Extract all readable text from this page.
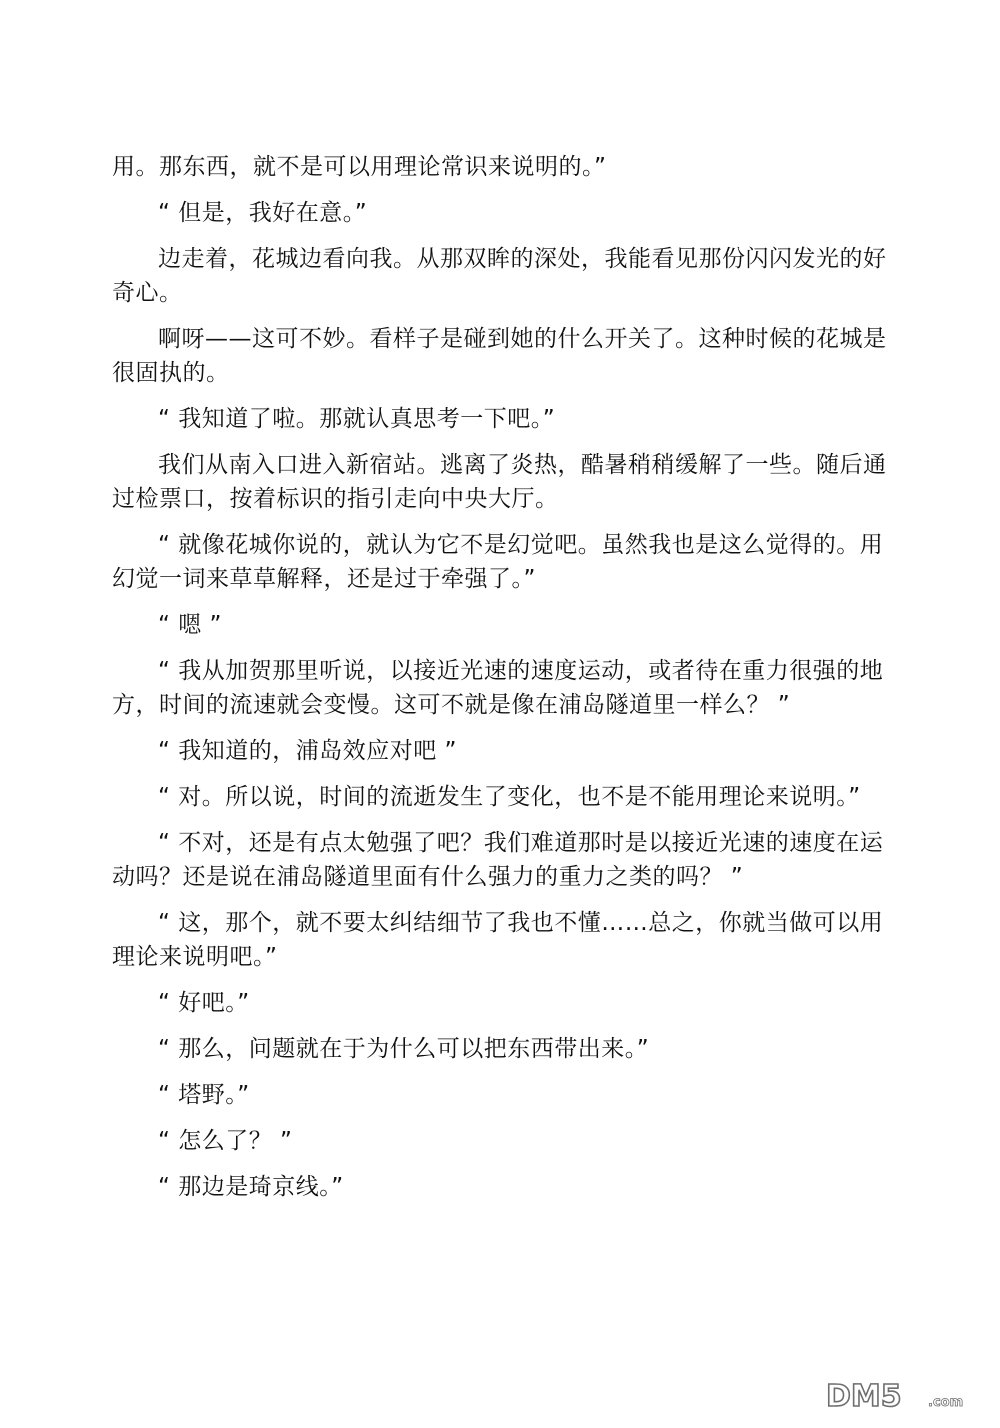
用。那东西，就不是可以用理论常识来说明的。”

“ 但是，我好在意。”

边走着，花城边看向我。从那双眸的深处，我能看见那份闪闪发光的好奇心。

啊呀——这可不妙。看样子是碰到她的什么开关了。这种时候的花城是很固执的。

“ 我知道了啦。那就认真思考一下吧。”

我们从南入口进入新宿站。逃离了炎热，酷暑稍稍缓解了一些。随后通过检票口，按着标识的指引走向中央大厅。

“ 就像花城你说的，就认为它不是幻觉吧。虽然我也是这么觉得的。用幻觉一词来草草解释，还是过于牵强了。”

“ 嗯 ”

“ 我从加贺那里听说，以接近光速的速度运动，或者待在重力很强的地方，时间的流速就会变慢。这可不就是像在浦岛隧道里一样么？ ”

“ 我知道的，浦岛效应对吧 ”

“ 对。所以说，时间的流逝发生了变化，也不是不能用理论来说明。”

“ 不对，还是有点太勉强了吧？我们难道那时是以接近光速的速度在运动吗？还是说在浦岛隧道里面有什么强力的重力之类的吗？ ”

“ 这，那个，就不要太纠结细节了我也不懂……总之，你就当做可以用理论来说明吧。”

“ 好吧。”

“ 那么，问题就在于为什么可以把东西带出来。”

“ 塔野。”

“ 怎么了？ ”

“ 那边是琦京线。”

DM5 .com
